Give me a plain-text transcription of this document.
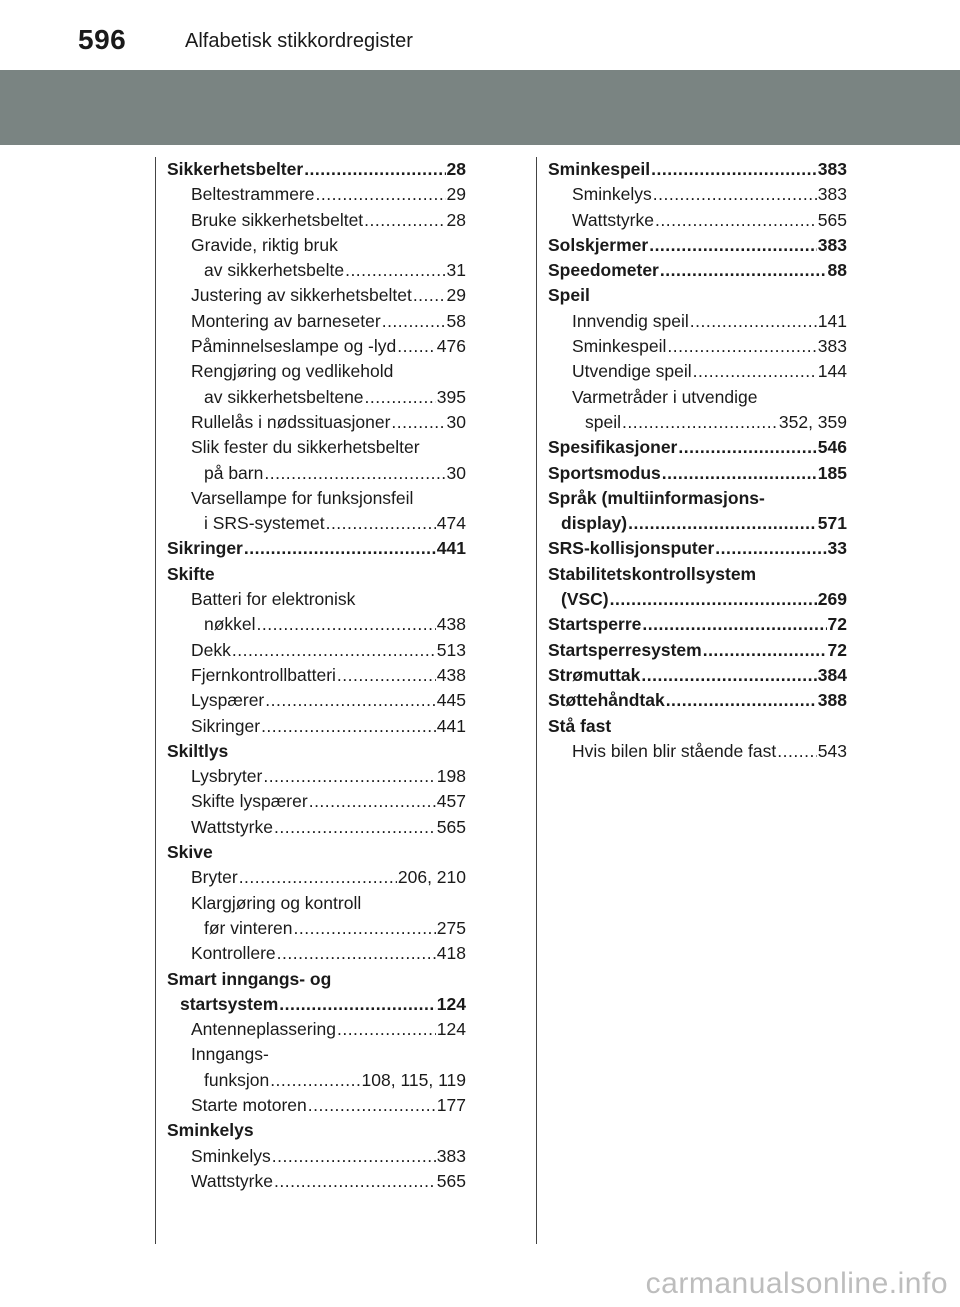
596	Alfabetisk stikkordregister
Sikkerhetsbelter .....	28
Beltestrammere .....	29
Bruke sikkerhetsbeltet .....	28
Gravide, riktig bruk
av sikkerhetsbelte .....	31
Justering av sikkerhetsbeltet ..... 29
Montering av barneseter .....	58
Påminnelseslampe og -lyd ..... 476
Rengjøring og vedlikehold
av sikkerhetsbeltene .....	395
Rullelås i nødssituasjoner .....	30
Slik fester du sikkerhetsbelter
på barn .....	30
Varsellampe for funksjonsfeil
i SRS-systemet .....	474
Sikringer .....	441
Skifte
Batteri for elektronisk
nøkkel .....	438
Dekk .....	513
Fjernkontrollbatteri .....	438
Lyspærer .....	445
Sikringer .....	441
Skiltlys
Lysbryter .....	198
Skifte lyspærer .....	457
Wattstyrke .....	565
Skive
Bryter .....	206, 210
Klargjøring og kontroll
før vinteren .....	275
Kontrollere .....	418
Smart inngangs- og
startsystem .....	124
Antenneplassering .....	124
Inngangs-
funksjon .....	108, 115, 119
Starte motoren .....	177
Sminkelys
Sminkelys .....	383
Wattstyrke .....	565
Sminkespeil .....	383
Sminkelys .....	383
Wattstyrke .....	565
Solskjermer .....	383
Speedometer .....	88
Speil
Innvendig speil .....	141
Sminkespeil .....	383
Utvendige speil .....	144
Varmetråder i utvendige
speil .....	352, 359
Spesifikasjoner .....	546
Sportsmodus .....	185
Språk (multiinformasjons-
display) .....	571
SRS-kollisjonsputer .....	33
Stabilitetskontrollsystem
(VSC) .....	269
Startsperre .....	72
Startsperresystem .....	72
Strømuttak .....	384
Støttehåndtak .....	388
Stå fast
Hvis bilen blir stående fast ..... 543
carmanualsonline.info
